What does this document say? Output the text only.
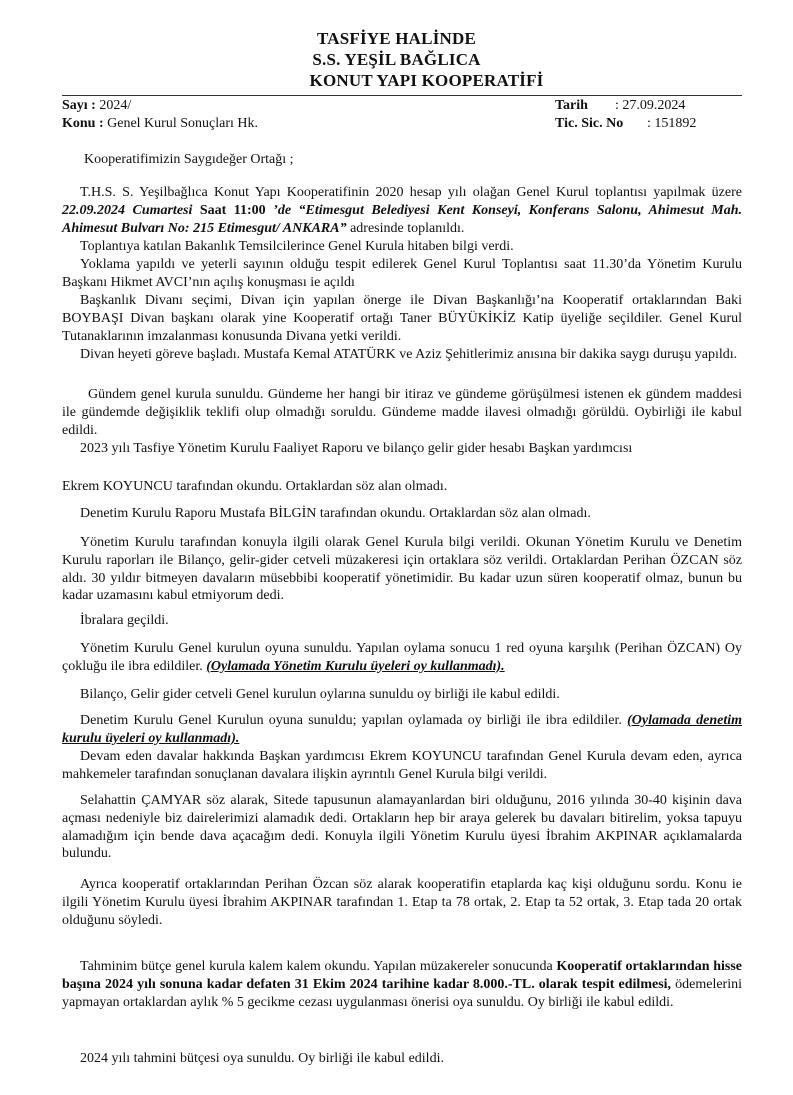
TASFİYE HALİNDE
S.S. YEŞİL BAĞLICA
KONUT YAPI KOOPERATİFİ
Sayı : 2024/
Konu : Genel Kurul Sonuçları Hk.
Tarih : 27.09.2024
Tic. Sic. No : 151892

Kooperatifimizin Saygıdeğer Ortağı ;

T.H.S. S. Yeşilbağlıca Konut Yapı Kooperatifinin 2020 hesap yılı olağan Genel Kurul toplantısı yapılmak üzere 22.09.2024 Cumartesi Saat 11:00 ’de “Etimesgut Belediyesi Kent Konseyi, Konferans Salonu, Ahimesut Mah. Ahimesut Bulvarı No: 215 Etimesgut/ ANKARA” adresinde toplanıldı.

Toplantıya katılan Bakanlık Temsilcilerince Genel Kurula hitaben bilgi verdi.

Yoklama yapıldı ve yeterli sayının olduğu tespit edilerek Genel Kurul Toplantısı saat 11.30’da Yönetim Kurulu Başkanı Hikmet AVCI’nın açılış konuşması ie açıldı

Başkanlık Divanı seçimi, Divan için yapılan önerge ile Divan Başkanlığı’na Kooperatif ortaklarından Baki BOYBAŞI Divan başkanı olarak yine Kooperatif ortağı Taner BÜYÜKİKİZ Katip üyeliğe seçildiler. Genel Kurul Tutanaklarının imzalanması konusunda Divana yetki verildi.

Divan heyeti göreve başladı. Mustafa Kemal ATATÜRK ve Aziz Şehitlerimiz anısına bir dakika saygı duruşu yapıldı.

Gündem genel kurula sunuldu. Gündeme her hangi bir itiraz ve gündeme görüşülmesi istenen ek gündem maddesi ile gündemde değişiklik teklifi olup olmadığı soruldu. Gündeme madde ilavesi olmadığı görüldü. Oybirliği ile kabul edildi.

2023 yılı Tasfiye Yönetim Kurulu Faaliyet Raporu ve bilanço gelir gider hesabı Başkan yardımcısı

Ekrem KOYUNCU tarafından okundu. Ortaklardan söz alan olmadı.

Denetim Kurulu Raporu Mustafa BİLGİN tarafından okundu. Ortaklardan söz alan olmadı.

Yönetim Kurulu tarafından konuyla ilgili olarak Genel Kurula bilgi verildi. Okunan Yönetim Kurulu ve Denetim Kurulu raporları ile Bilanço, gelir-gider cetveli müzakeresi için ortaklara söz verildi. Ortaklardan Perihan ÖZCAN söz aldı. 30 yıldır bitmeyen davaların müsebbibi kooperatif yönetimidir. Bu kadar uzun süren kooperatif olmaz, bunun bu kadar uzamasını kabul etmiyorum dedi.

İbralara geçildi.

Yönetim Kurulu Genel kurulun oyuna sunuldu. Yapılan oylama sonucu 1 red oyuna karşılık (Perihan ÖZCAN) Oy çokluğu ile ibra edildiler. (Oylamada Yönetim Kurulu üyeleri oy kullanmadı).

Bilanço, Gelir gider cetveli Genel kurulun oylarına sunuldu oy birliği ile kabul edildi.

Denetim Kurulu Genel Kurulun oyuna sunuldu; yapılan oylamada oy birliği ile ibra edildiler. (Oylamada denetim kurulu üyeleri oy kullanmadı).

Devam eden davalar hakkında Başkan yardımcısı Ekrem KOYUNCU tarafından Genel Kurula devam eden, ayrıca mahkemeler tarafından sonuçlanan davalara ilişkin ayrıntılı Genel Kurula bilgi verildi.

Selahattin ÇAMYAR söz alarak, Sitede tapusunun alamayanlardan biri olduğunu, 2016 yılında 30-40 kişinin dava açması nedeniyle biz dairelerimizi alamadık dedi. Ortakların hep bir araya gelerek bu davaları bitirelim, yoksa tapuyu alamadığım için bende dava açacağım dedi. Konuyla ilgili Yönetim Kurulu üyesi İbrahim AKPINAR açıklamalarda bulundu.

Ayrıca kooperatif ortaklarından Perihan Özcan söz alarak kooperatifin etaplarda kaç kişi olduğunu sordu. Konu ie ilgili Yönetim Kurulu üyesi İbrahim AKPINAR tarafından 1. Etap ta 78 ortak, 2. Etap ta 52 ortak, 3. Etap tada 20 ortak olduğunu söyledi.

Tahminim bütçe genel kurula kalem kalem okundu. Yapılan müzakereler sonucunda Kooperatif ortaklarından hisse başına 2024 yılı sonuna kadar defaten 31 Ekim 2024 tarihine kadar 8.000.-TL. olarak tespit edilmesi, ödemelerini yapmayan ortaklardan aylık % 5 gecikme cezası uygulanması önerisi oya sunuldu. Oy birliği ile kabul edildi.

2024 yılı tahmini bütçesi oya sunuldu. Oy birliği ile kabul edildi.
